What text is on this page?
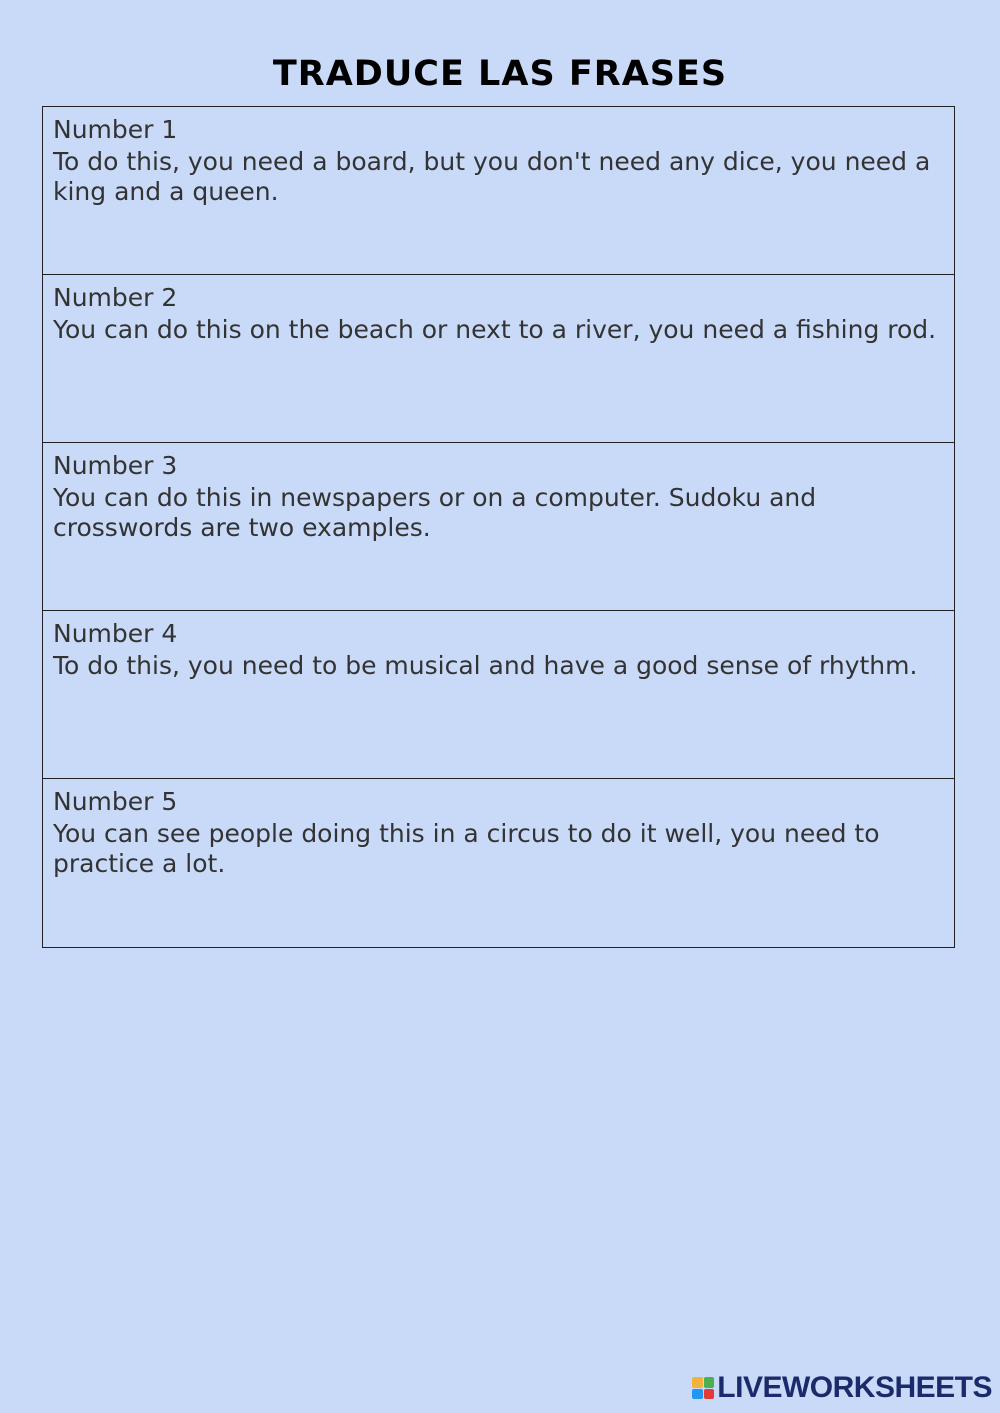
TRADUCE LAS FRASES
Number 1
To do this, you need a board, but you don't need any dice, you need a king and a queen.
Number 2
You can do this on the beach or next to a river, you need a fishing rod.
Number 3
You can do this in newspapers or on a computer. Sudoku and crosswords are two examples.
Number 4
To do this, you need to be musical and have a good sense of rhythm.
Number 5
You can see people doing this in a circus to do it well, you need to practice a lot.
LIVEWORKSHEETS
